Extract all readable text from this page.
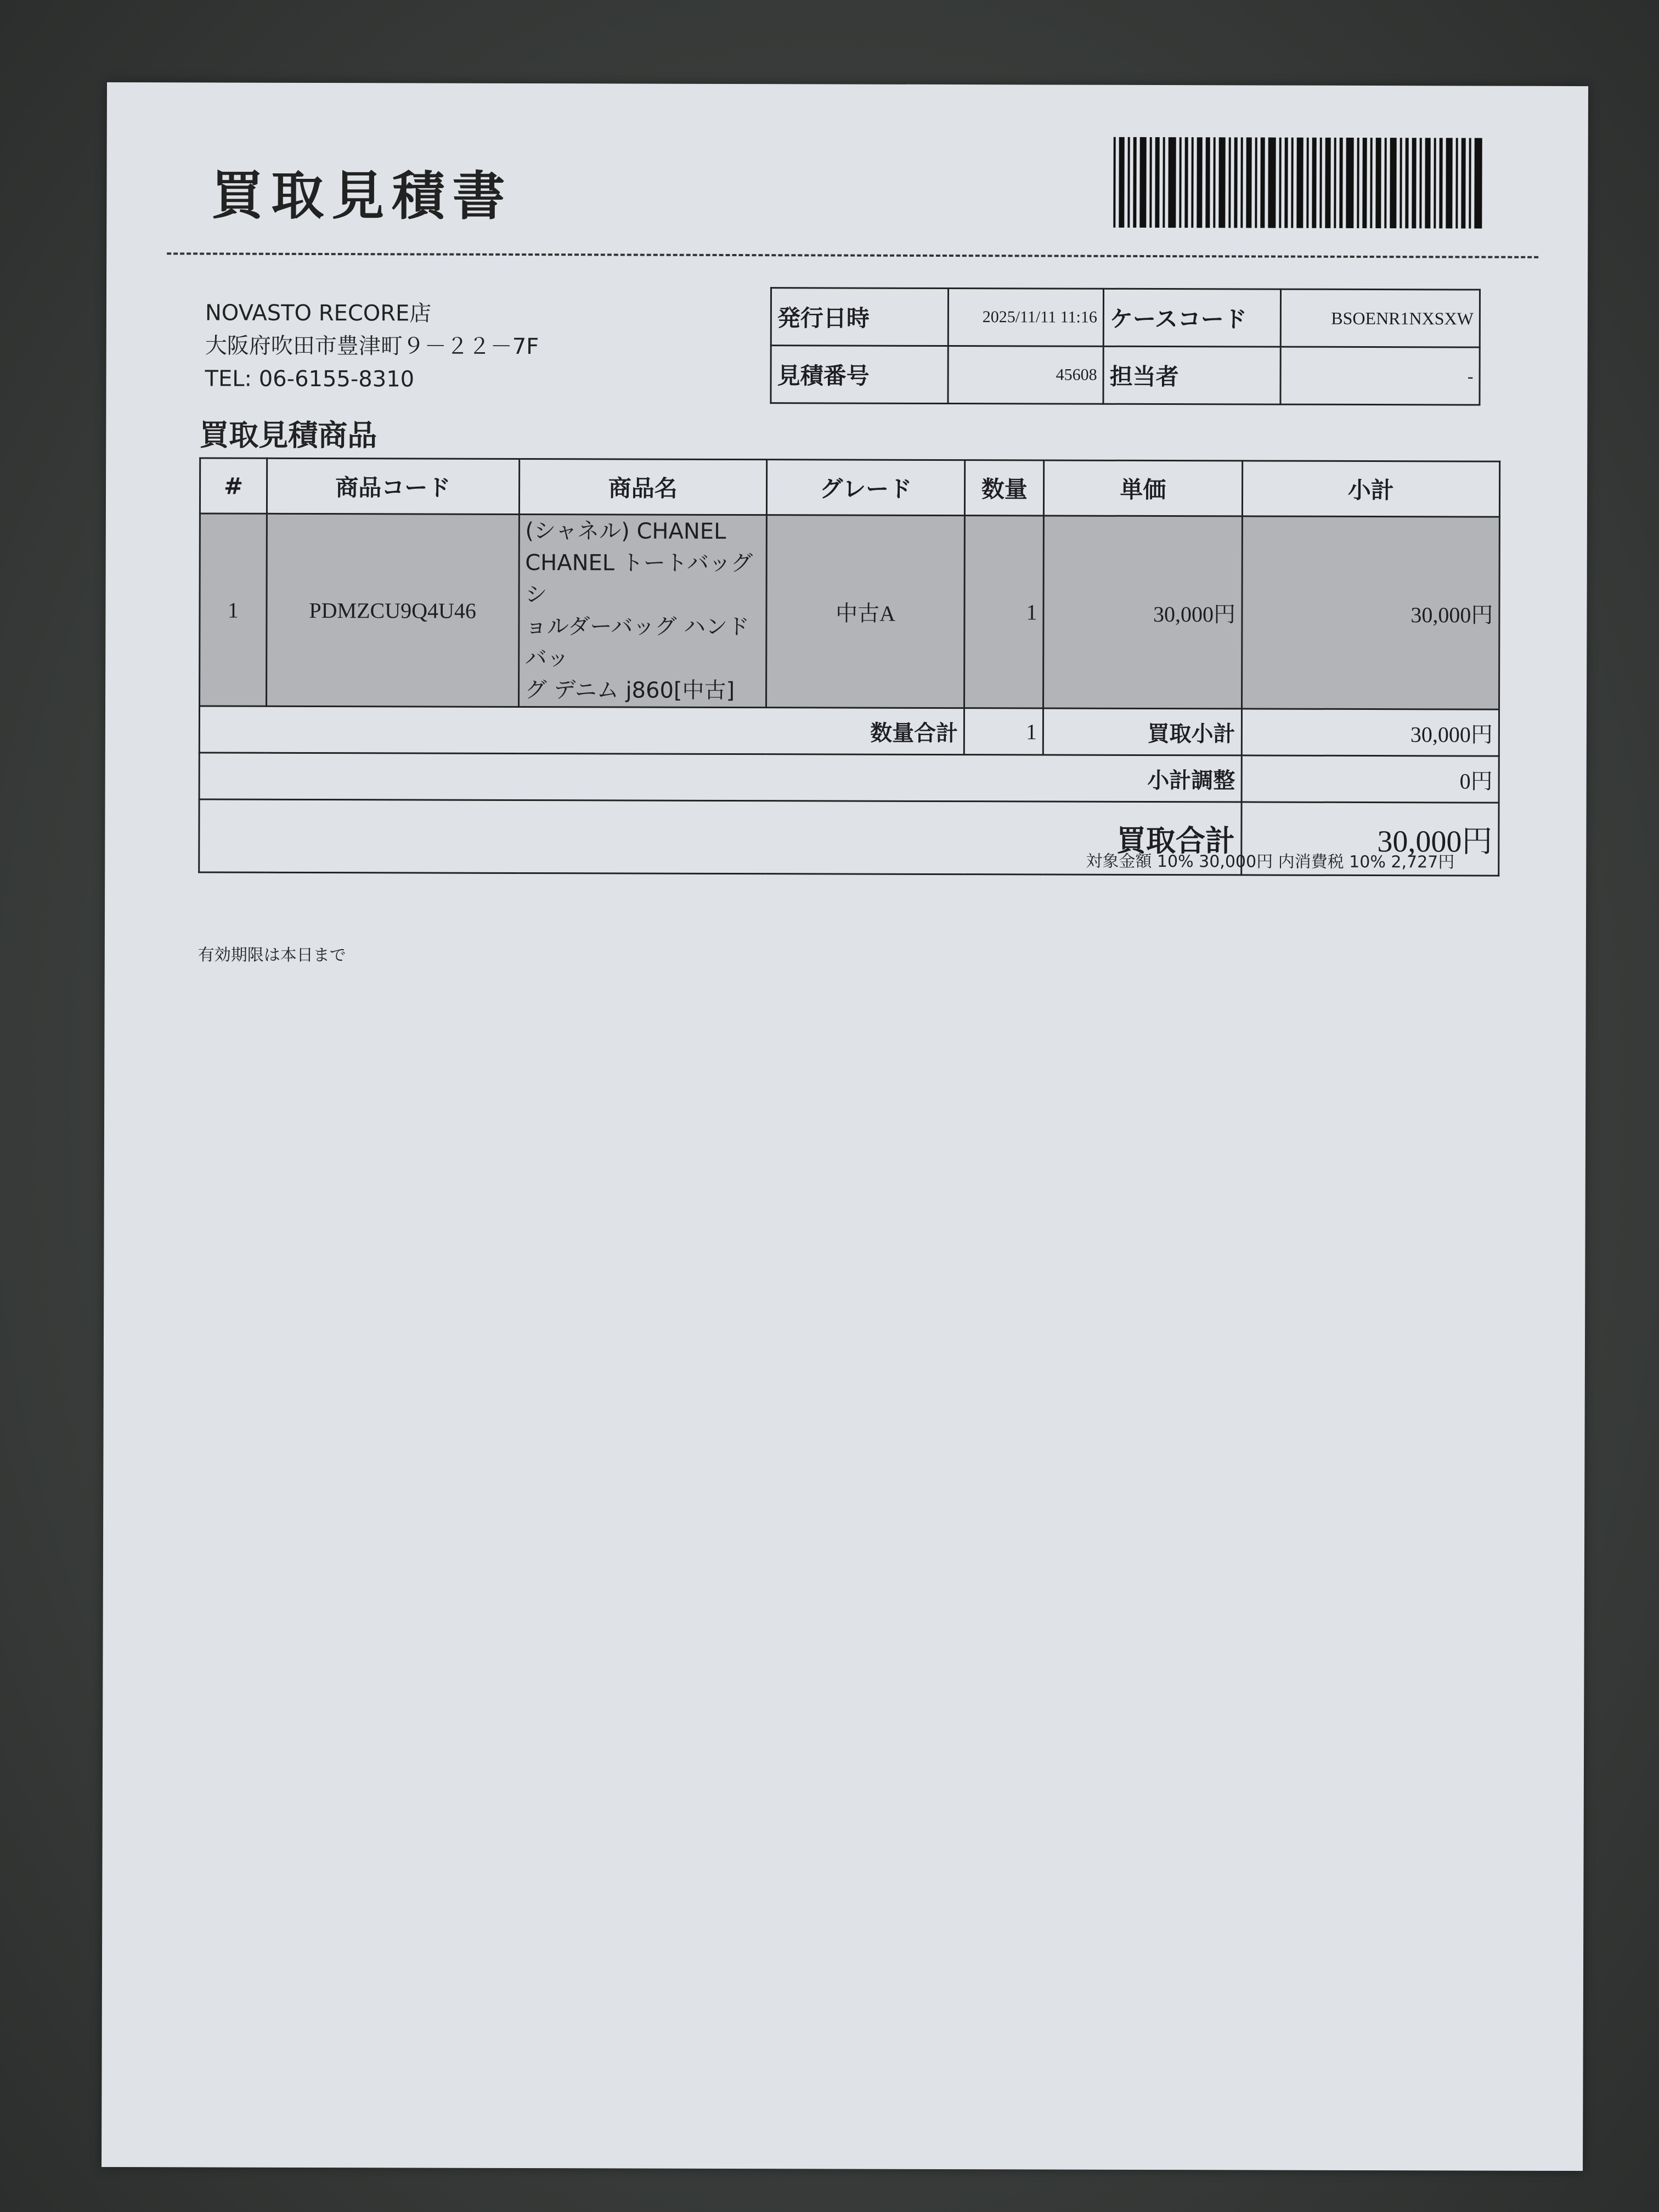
買取見積書
NOVASTO RECORE店
大阪府吹田市豊津町９－２２－7F
TEL: 06-6155-8310
発行日時	2025/11/11 11:16	ケースコード	BSOENR1NXSXW
見積番号	45608	担当者	-
買取見積商品
#	商品コード	商品名	グレード	数量	単価	小計
1	PDMZCU9Q4U46	(シャネル) CHANEL
CHANEL トートバッグ シ
ョルダーバッグ ハンドバッ
グ デニム j860[中古]	中古A	1	30,000円	30,000円
数量合計				1	買取小計	30,000円
小計調整						0円
買取合計						30,000円
対象金額 10% 30,000円 内消費税 10% 2,727円
有効期限は本日まで
